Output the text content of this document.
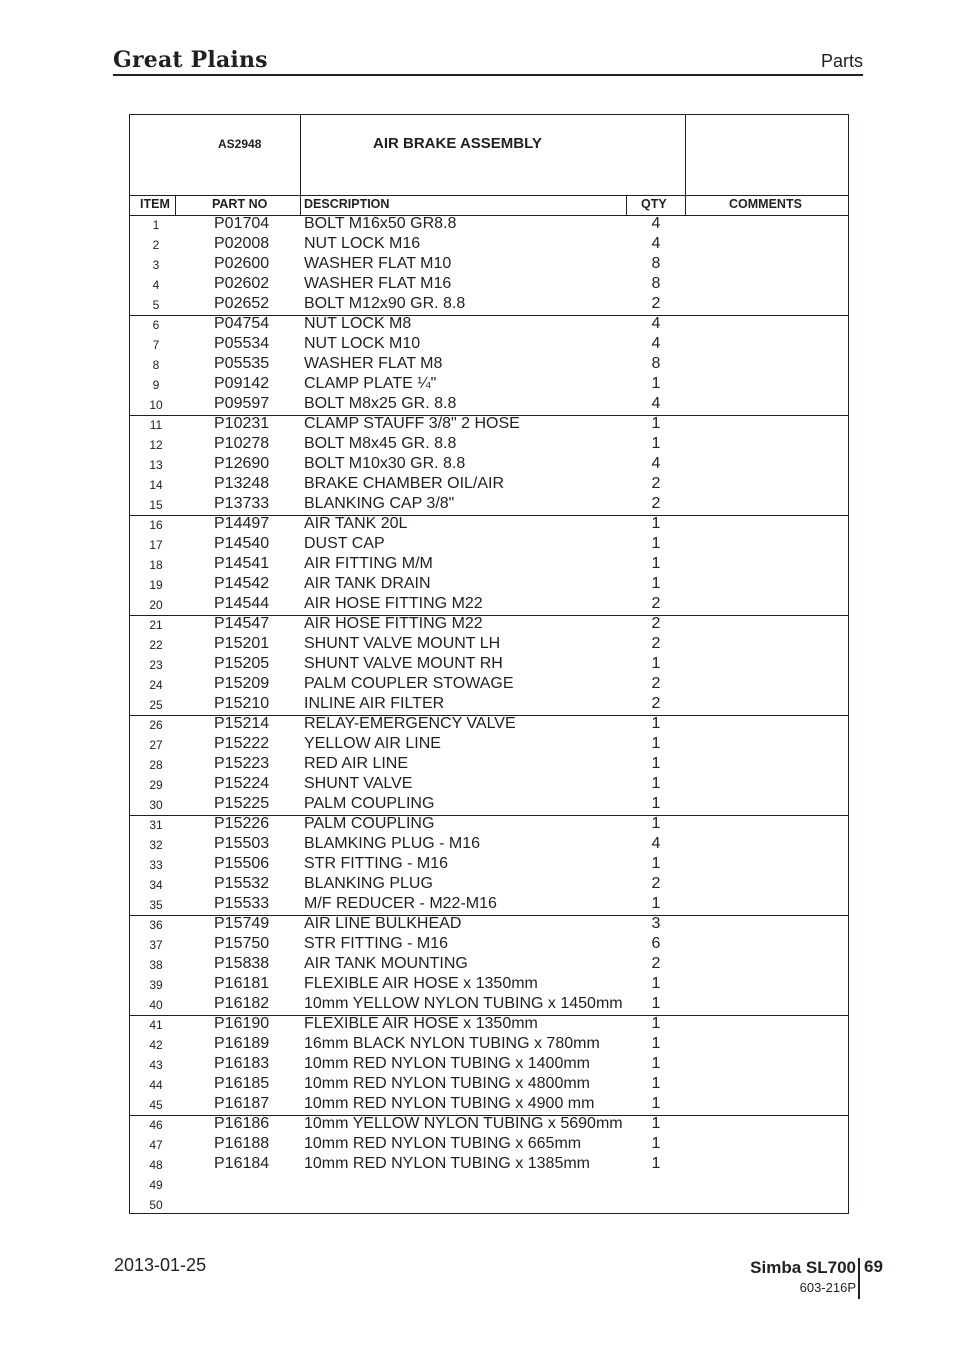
Great Plains	Parts
AS2948	AIR BRAKE ASSEMBLY
ITEM	PART NO	DESCRIPTION	QTY	COMMENTS
1	P01704 BOLT M16x50 GR8.8	4
2	P02008 NUT LOCK M16	4
3	P02600 WASHER FLAT M10	8
4	P02602 WASHER FLAT M16	8
5	P02652 BOLT M12x90 GR. 8.8	2
6	P04754 NUT LOCK M8	4
7	P05534 NUT LOCK M10	4
8	P05535 WASHER FLAT M8	8
9	P09142 CLAMP PLATE ¼"	1
10	P09597 BOLT M8x25 GR. 8.8	4
11	P10231 CLAMP STAUFF 3/8" 2 HOSE	1
12	P10278 BOLT M8x45 GR. 8.8	1
13	P12690 BOLT M10x30 GR. 8.8	4
14	P13248 BRAKE CHAMBER OIL/AIR	2
15	P13733 BLANKING CAP 3/8"	2
16	P14497 AIR TANK 20L	1
17	P14540 DUST CAP	1
18	P14541 AIR FITTING M/M	1
19	P14542 AIR TANK DRAIN	1
20	P14544 AIR HOSE FITTING M22	2
21	P14547 AIR HOSE FITTING M22	2
22	P15201 SHUNT VALVE MOUNT LH	2
23	P15205 SHUNT VALVE MOUNT RH	1
24	P15209 PALM COUPLER STOWAGE	2
25	P15210 INLINE AIR FILTER	2
26	P15214 RELAY-EMERGENCY VALVE	1
27	P15222 YELLOW AIR LINE	1
28	P15223 RED AIR LINE	1
29	P15224 SHUNT VALVE	1
30	P15225 PALM COUPLING	1
31	P15226 PALM COUPLING	1
32	P15503 BLAMKING PLUG - M16	4
33	P15506 STR FITTING - M16	1
34	P15532 BLANKING PLUG	2
35	P15533 M/F REDUCER - M22-M16	1
36	P15749 AIR LINE BULKHEAD	3
37	P15750 STR FITTING - M16	6
38	P15838 AIR TANK MOUNTING	2
39	P16181 FLEXIBLE AIR HOSE x 1350mm	1
40	P16182 10mm YELLOW NYLON TUBING x 1450mm	1
41	P16190 FLEXIBLE AIR HOSE x 1350mm	1
42	P16189 16mm BLACK NYLON TUBING x 780mm	1
43	P16183 10mm RED NYLON TUBING x 1400mm	1
44	P16185 10mm RED NYLON TUBING x 4800mm	1
45	P16187 10mm RED NYLON TUBING x 4900 mm	1
46	P16186 10mm YELLOW NYLON TUBING x 5690mm	1
47	P16188 10mm RED NYLON TUBING x 665mm	1
48	P16184 10mm RED NYLON TUBING x 1385mm	1
49
50
2013-01-25	Simba SL700 69
603-216P
